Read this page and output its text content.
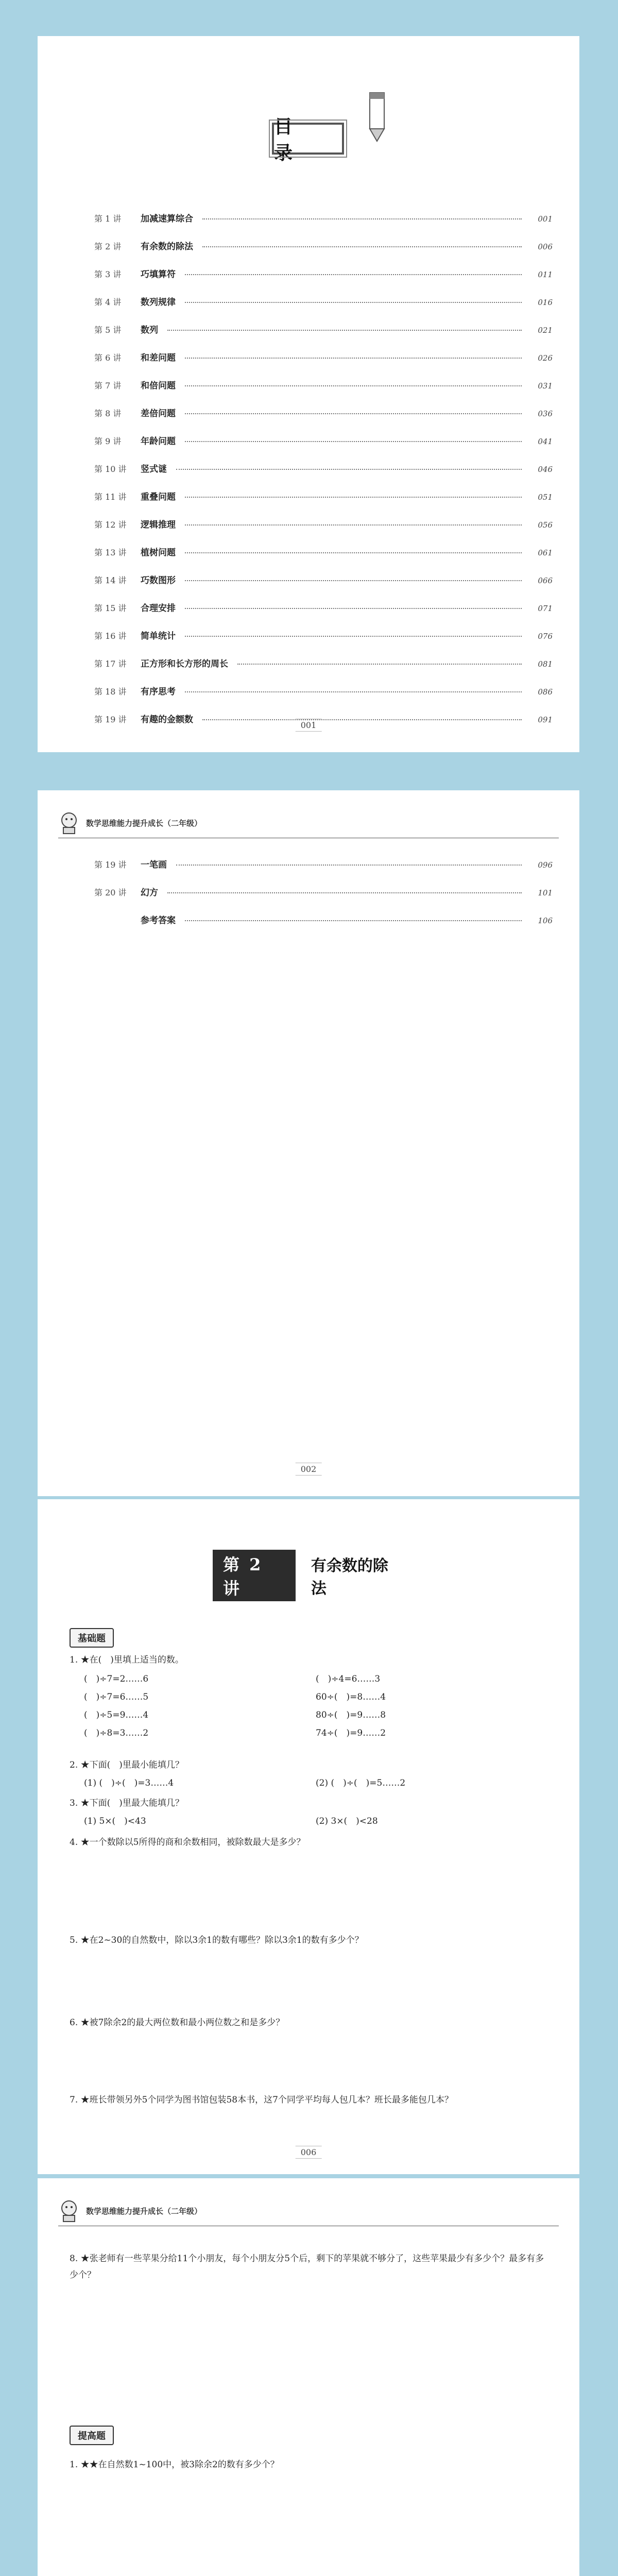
目 录
第 1 讲	加减速算综合	001
第 2 讲	有余数的除法	006
第 3 讲	巧填算符	011
第 4 讲	数列规律	016
第 5 讲	数列	021
第 6 讲	和差问题	026
第 7 讲	和倍问题	031
第 8 讲	差倍问题	036
第 9 讲	年龄问题	041
第 10 讲	竖式谜	046
第 11 讲	重叠问题	051
第 12 讲	逻辑推理	056
第 13 讲	植树问题	061
第 14 讲	巧数图形	066
第 15 讲	合理安排	071
第 16 讲	简单统计	076
第 17 讲	正方形和长方形的周长	081
第 18 讲	有序思考	086
第 19 讲	有趣的金额数	091
001
数学思维能力提升成长（二年级）
第 19 讲	一笔画	096
第 20 讲	幻方	101
参考答案	106
002
第 2 讲
有余数的除法
基础题
1. ★在(　)里填上适当的数。
(　)÷7=2……6	(　)÷4=6……3
(　)÷7=6……5	60÷(　)=8……4
(　)÷5=9……4	80÷(　)=9……8
(　)÷8=3……2	74÷(　)=9……2
2. ★下面(　)里最小能填几？
(1) (　)÷(　)=3……4	(2) (　)÷(　)=5……2
3. ★下面(　)里最大能填几？
(1) 5×(　)<43	(2) 3×(　)<28
4. ★一个数除以5所得的商和余数相同，被除数最大是多少？
5. ★在2~30的自然数中，除以3余1的数有哪些？除以3余1的数有多少个？
6. ★被7除余2的最大两位数和最小两位数之和是多少？
7. ★班长带领另外5个同学为图书馆包装58本书，这7个同学平均每人包几本？班长最多能包几本？
006
数学思维能力提升成长（二年级）
8. ★张老师有一些苹果分给11个小朋友，每个小朋友分5个后，剩下的苹果就不够分了，这些苹果最少有多少个？最多有多少个？
提高题
1. ★★在自然数1~100中，被3除余2的数有多少个？
